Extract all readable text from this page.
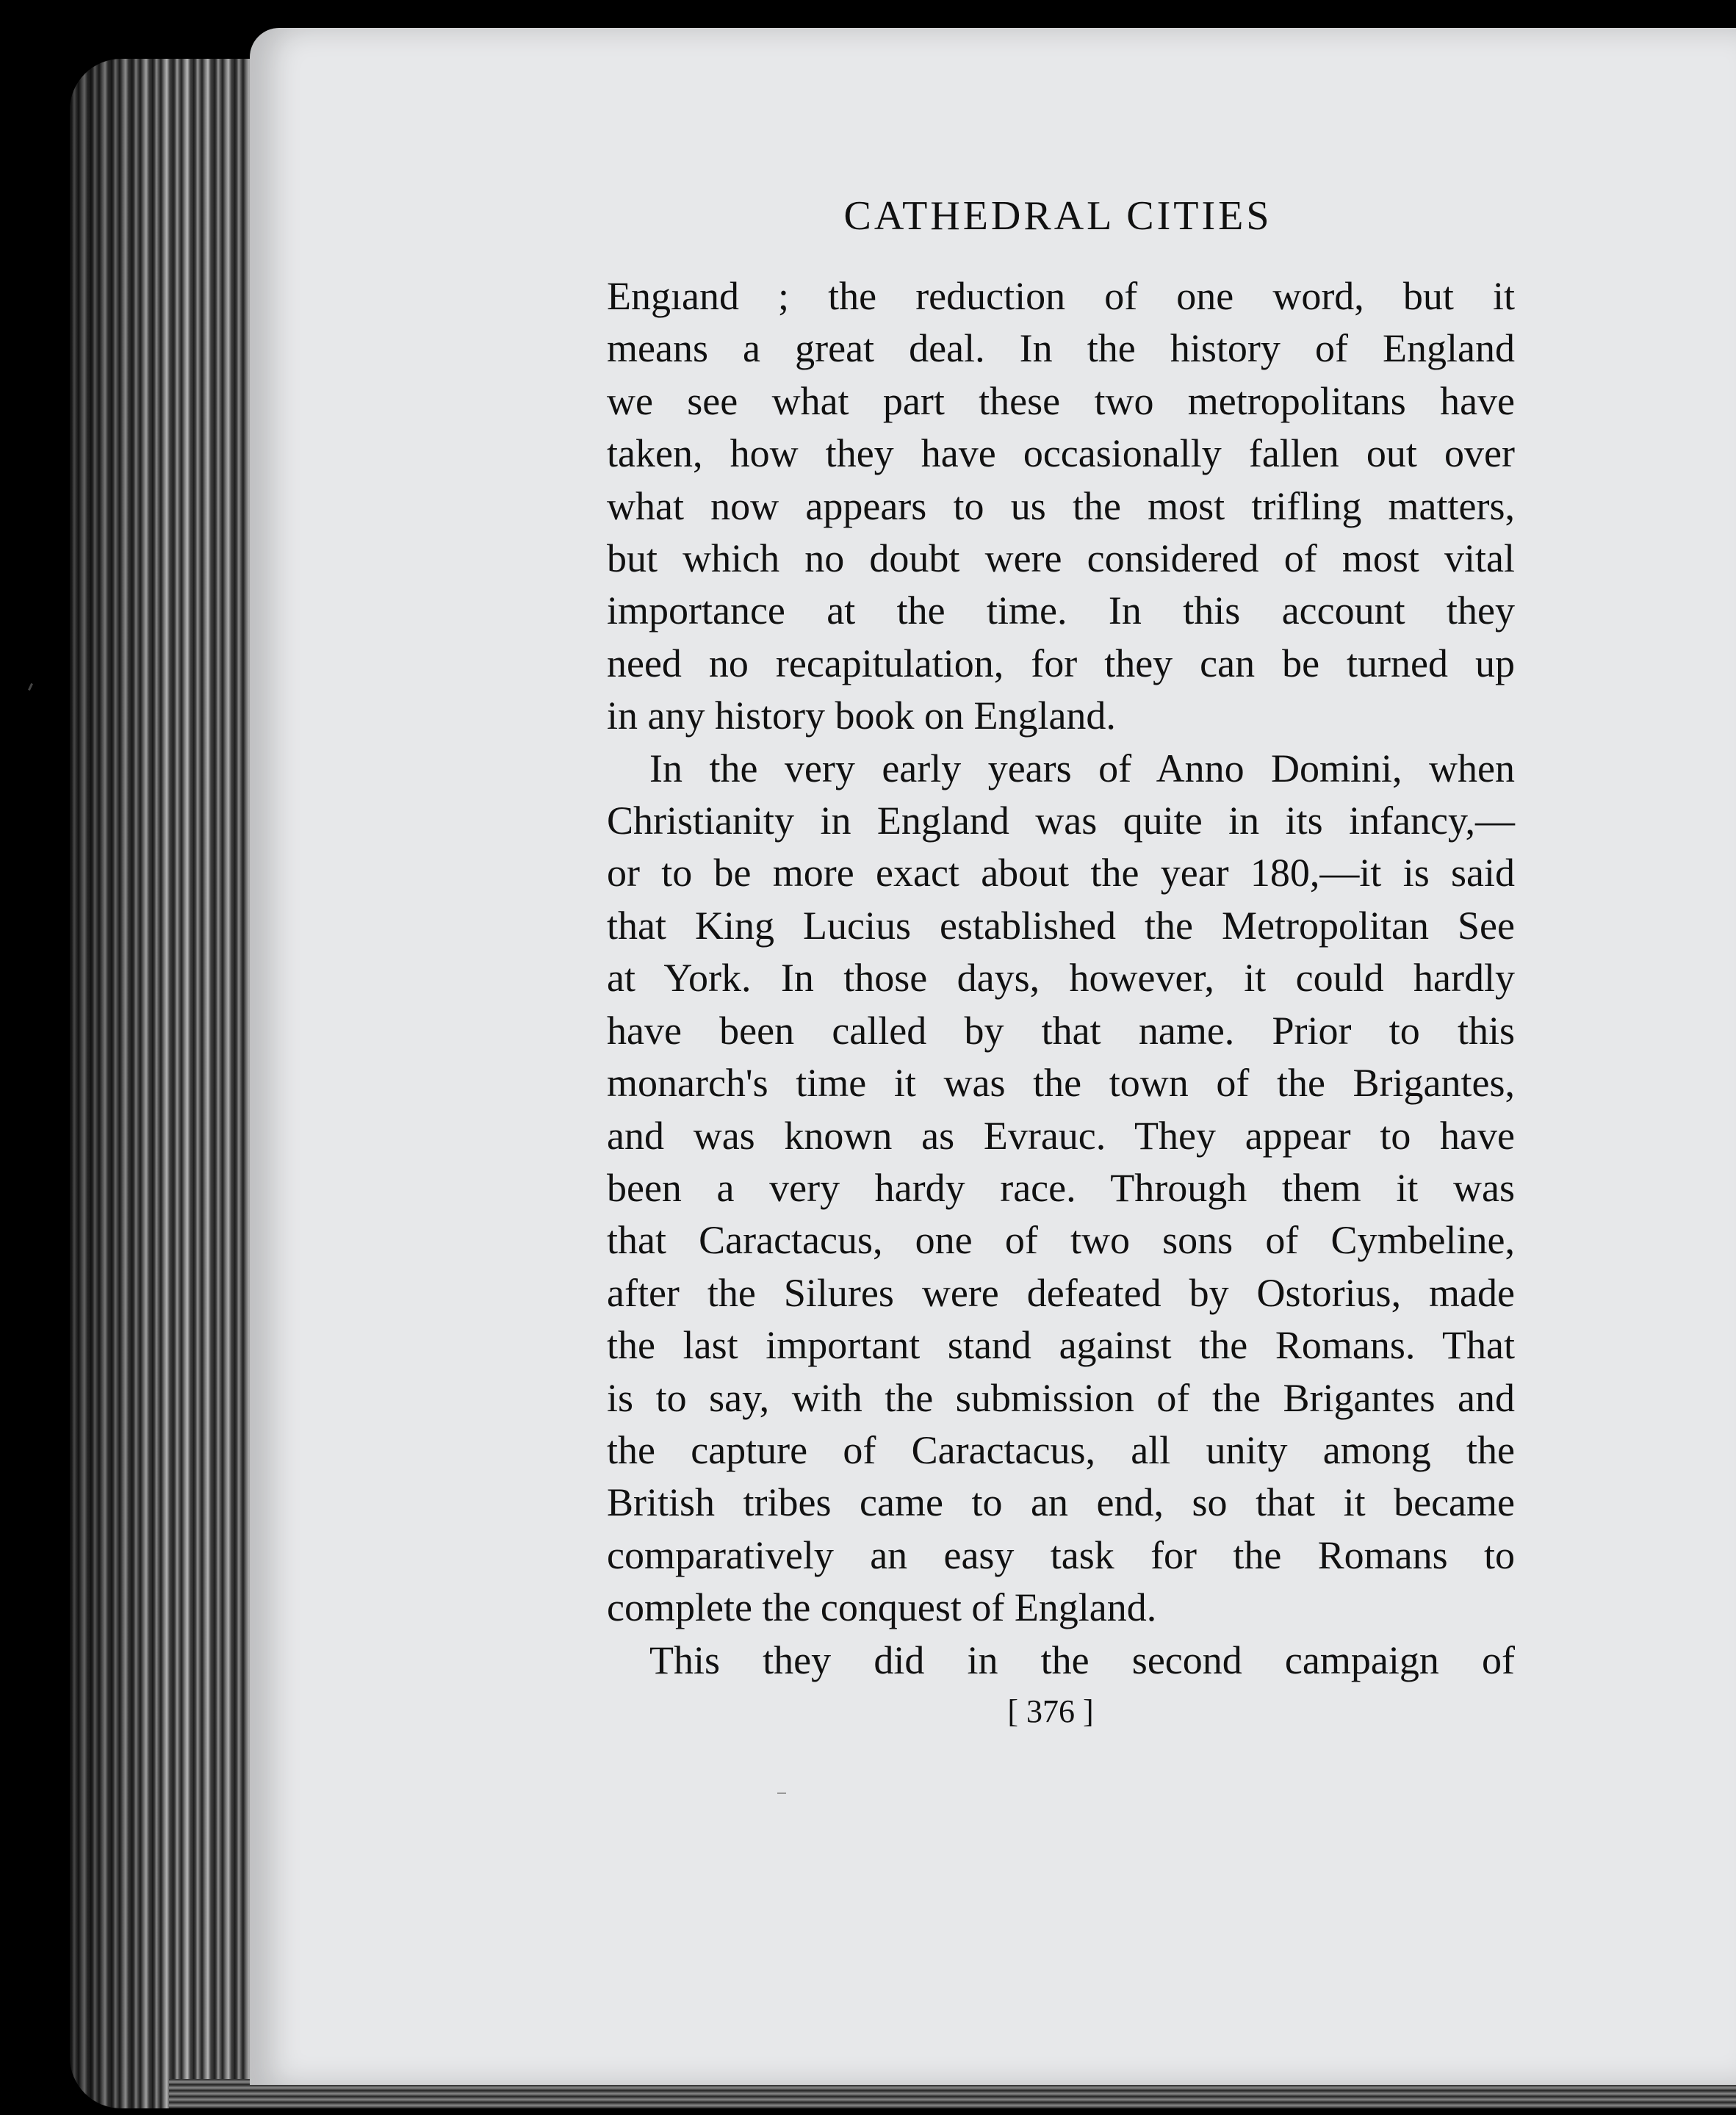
CATHEDRAL CITIES
Engıand ; the reduction of one word, but it
means a great deal. In the history of England
we see what part these two metropolitans have
taken, how they have occasionally fallen out over
what now appears to us the most trifling matters,
but which no doubt were considered of most vital
importance at the time. In this account they
need no recapitulation, for they can be turned up
in any history book on England.
In the very early years of Anno Domini, when
Christianity in England was quite in its infancy,—
or to be more exact about the year 180,—it is said
that King Lucius established the Metropolitan See
at York. In those days, however, it could hardly
have been called by that name. Prior to this
monarch's time it was the town of the Brigantes,
and was known as Evrauc. They appear to have
been a very hardy race. Through them it was
that Caractacus, one of two sons of Cymbeline,
after the Silures were defeated by Ostorius, made
the last important stand against the Romans. That
is to say, with the submission of the Brigantes and
the capture of Caractacus, all unity among the
British tribes came to an end, so that it became
comparatively an easy task for the Romans to
complete the conquest of England.
This they did in the second campaign of
[ 376 ]
